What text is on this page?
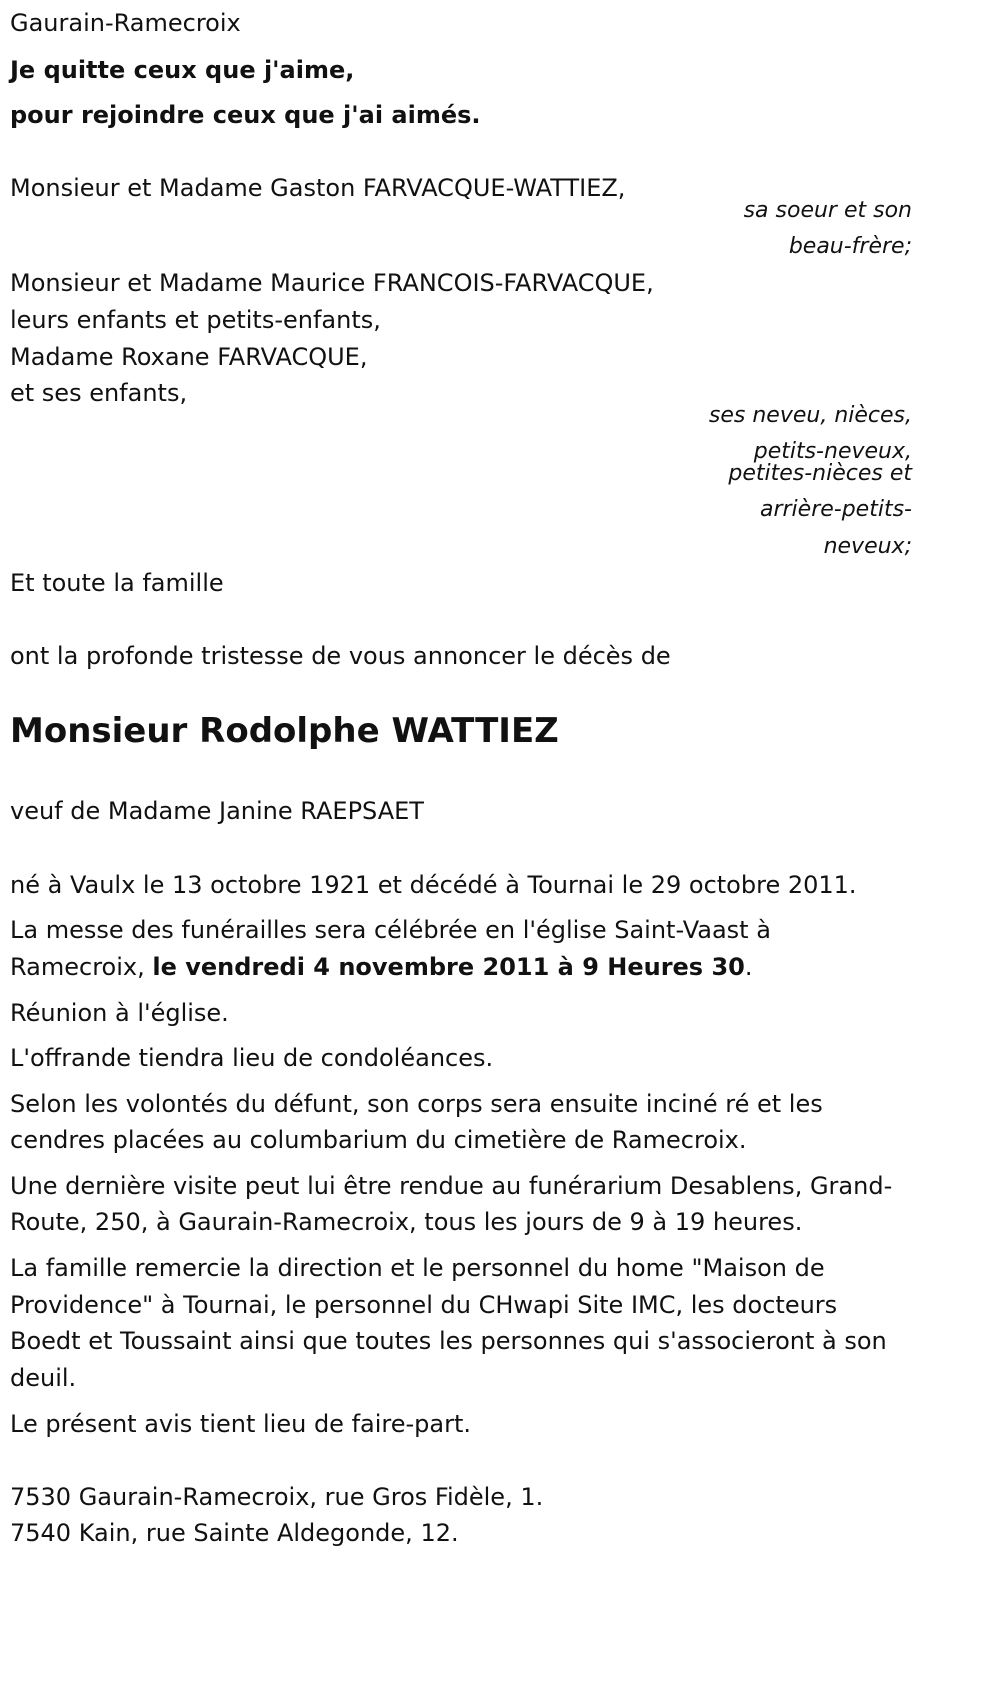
Gaurain-Ramecroix
Je quitte ceux que j'aime,
pour rejoindre ceux que j'ai aimés.
Monsieur et Madame Gaston FARVACQUE-WATTIEZ,
sa soeur et son
beau-frère;
Monsieur et Madame Maurice FRANCOIS-FARVACQUE,
leurs enfants et petits-enfants,
Madame Roxane FARVACQUE,
et ses enfants,
ses neveu, nièces,
petits-neveux,
petites-nièces et
arrière-petits-
neveux;
Et toute la famille
ont la profonde tristesse de vous annoncer le décès de
Monsieur Rodolphe WATTIEZ
veuf de Madame Janine RAEPSAET
né à Vaulx le 13 octobre 1921 et décédé à Tournai le 29 octobre 2011.
La messe des funérailles sera célébrée en l'église Saint-Vaast à
Ramecroix, le vendredi 4 novembre 2011 à 9 Heures 30.
Réunion à l'église.
L'offrande tiendra lieu de condoléances.
Selon les volontés du défunt, son corps sera ensuite inciné ré et les
cendres placées au columbarium du cimetière de Ramecroix.
Une dernière visite peut lui être rendue au funérarium Desablens, Grand-
Route, 250, à Gaurain-Ramecroix, tous les jours de 9 à 19 heures.
La famille remercie la direction et le personnel du home "Maison de
Providence" à Tournai, le personnel du CHwapi Site IMC, les docteurs
Boedt et Toussaint ainsi que toutes les personnes qui s'associeront à son
deuil.
Le présent avis tient lieu de faire-part.
7530 Gaurain-Ramecroix, rue Gros Fidèle, 1.
7540 Kain, rue Sainte Aldegonde, 12.
